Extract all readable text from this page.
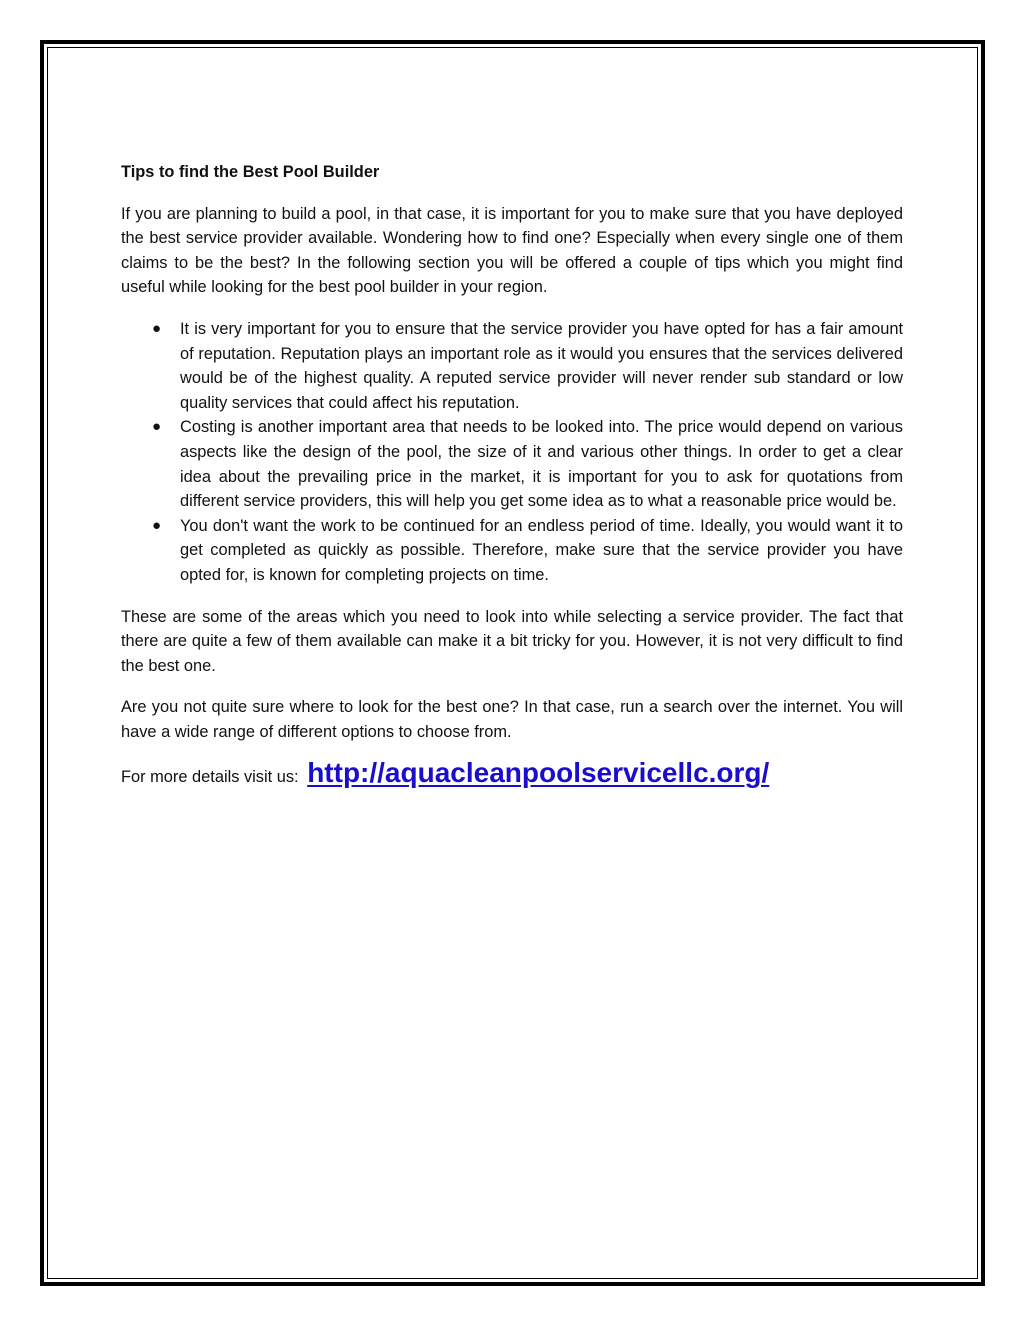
Tips to find the Best Pool Builder

If you are planning to build a pool, in that case, it is important for you to make sure that you have deployed the best service provider available. Wondering how to find one? Especially when every single one of them claims to be the best? In the following section you will be offered a couple of tips which you might find useful while looking for the best pool builder in your region.

● It is very important for you to ensure that the service provider you have opted for has a fair amount of reputation. Reputation plays an important role as it would you ensures that the services delivered would be of the highest quality. A reputed service provider will never render sub standard or low quality services that could affect his reputation.
● Costing is another important area that needs to be looked into. The price would depend on various aspects like the design of the pool, the size of it and various other things. In order to get a clear idea about the prevailing price in the market, it is important for you to ask for quotations from different service providers, this will help you get some idea as to what a reasonable price would be.
● You don't want the work to be continued for an endless period of time. Ideally, you would want it to get completed as quickly as possible. Therefore, make sure that the service provider you have opted for, is known for completing projects on time.

These are some of the areas which you need to look into while selecting a service provider. The fact that there are quite a few of them available can make it a bit tricky for you. However, it is not very difficult to find the best one.

Are you not quite sure where to look for the best one? In that case, run a search over the internet. You will have a wide range of different options to choose from.

For more details visit us: http://aquacleanpoolservicellc.org/
